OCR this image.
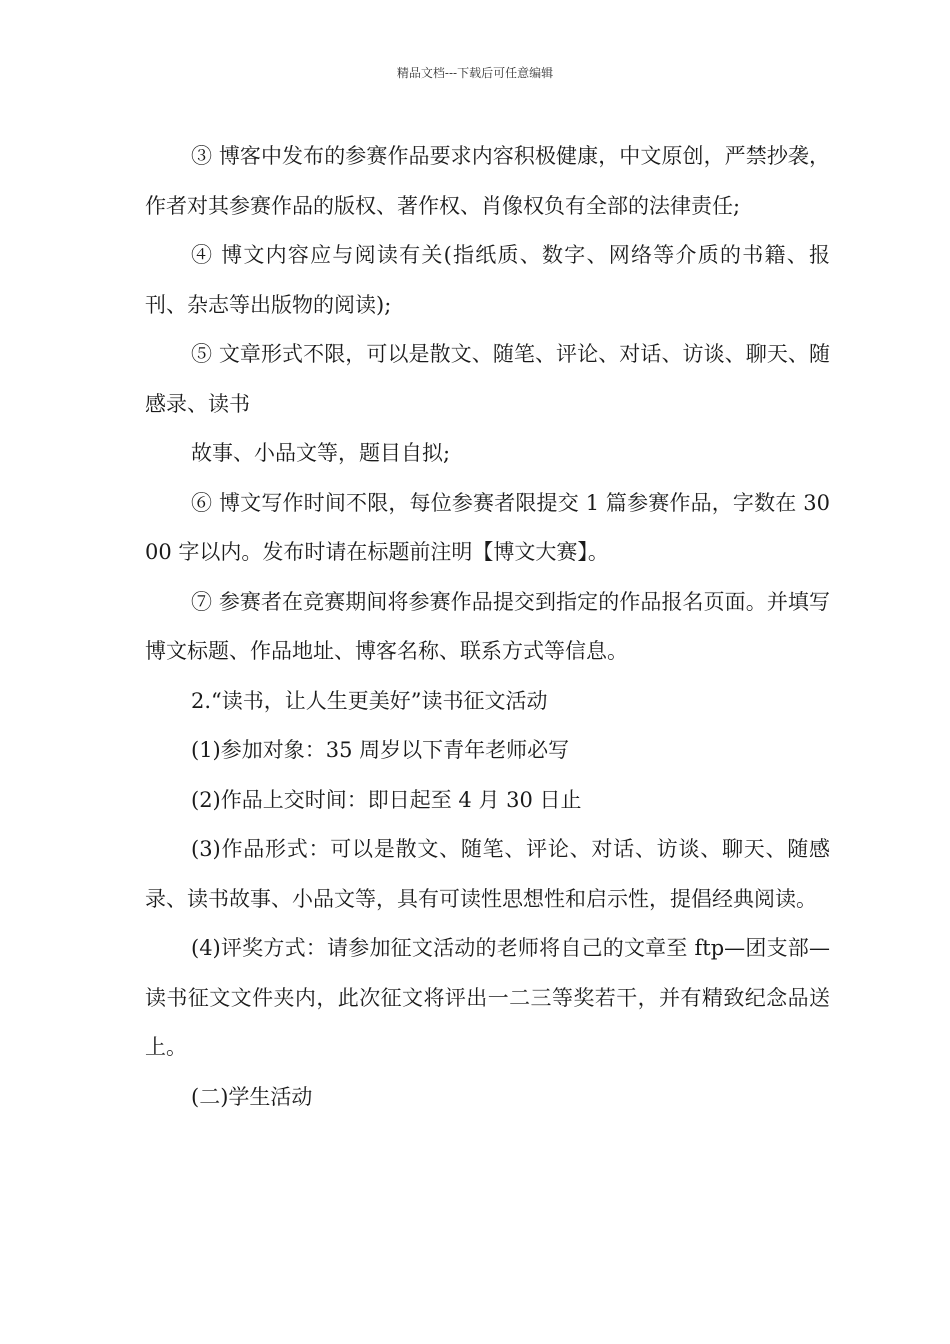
精品文档---下载后可任意编辑

③ 博客中发布的参赛作品要求内容积极健康，中文原创，严禁抄袭，作者对其参赛作品的版权、著作权、肖像权负有全部的法律责任;

④ 博文内容应与阅读有关(指纸质、数字、网络等介质的书籍、报刊、杂志等出版物的阅读);

⑤ 文章形式不限，可以是散文、随笔、评论、对话、访谈、聊天、随感录、读书

故事、小品文等，题目自拟;

⑥ 博文写作时间不限，每位参赛者限提交 1 篇参赛作品，字数在 3000 字以内。发布时请在标题前注明【博文大赛】。

⑦ 参赛者在竞赛期间将参赛作品提交到指定的作品报名页面。并填写博文标题、作品地址、博客名称、联系方式等信息。

2.“读书，让人生更美好”读书征文活动

(1)参加对象：35 周岁以下青年老师必写

(2)作品上交时间：即日起至 4 月 30 日止

(3)作品形式：可以是散文、随笔、评论、对话、访谈、聊天、随感录、读书故事、小品文等，具有可读性思想性和启示性，提倡经典阅读。

(4)评奖方式：请参加征文活动的老师将自己的文章至 ftp—团支部—读书征文文件夹内，此次征文将评出一二三等奖若干，并有精致纪念品送上。

(二)学生活动
